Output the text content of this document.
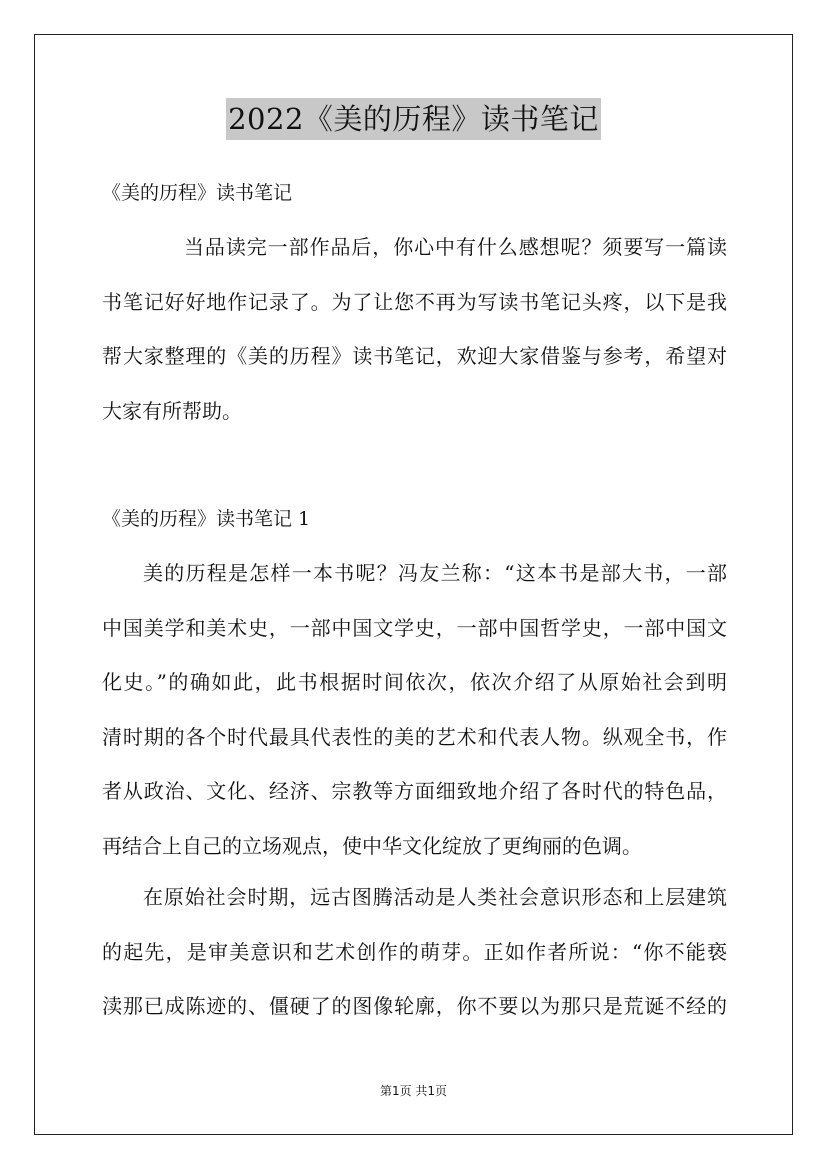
2022《美的历程》读书笔记
《美的历程》读书笔记
当品读完一部作品后，你心中有什么感想呢？须要写一篇读
书笔记好好地作记录了。为了让您不再为写读书笔记头疼，以下是我
帮大家整理的《美的历程》读书笔记，欢迎大家借鉴与参考，希望对
大家有所帮助。
《美的历程》读书笔记 1
美的历程是怎样一本书呢？冯友兰称：“这本书是部大书，一部
中国美学和美术史，一部中国文学史，一部中国哲学史，一部中国文
化史。”的确如此，此书根据时间依次，依次介绍了从原始社会到明
清时期的各个时代最具代表性的美的艺术和代表人物。纵观全书，作
者从政治、文化、经济、宗教等方面细致地介绍了各时代的特色品，
再结合上自己的立场观点，使中华文化绽放了更绚丽的色调。
在原始社会时期，远古图腾活动是人类社会意识形态和上层建筑
的起先，是审美意识和艺术创作的萌芽。正如作者所说：“你不能亵
渎那已成陈迹的、僵硬了的图像轮廓，你不要以为那只是荒诞不经的
第1页 共1页
